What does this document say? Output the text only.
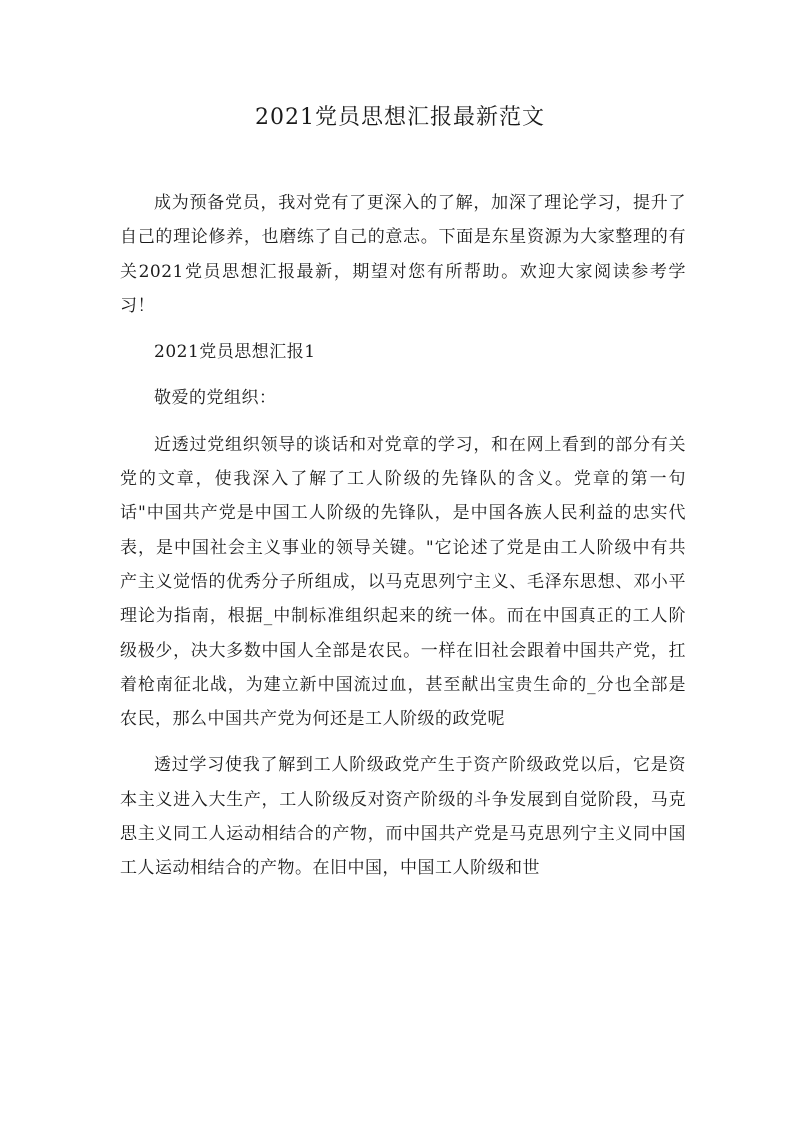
2021党员思想汇报最新范文

成为预备党员，我对党有了更深入的了解，加深了理论学习，提升了自己的理论修养，也磨练了自己的意志。下面是东星资源为大家整理的有关2021党员思想汇报最新，期望对您有所帮助。欢迎大家阅读参考学习！

2021党员思想汇报1

敬爱的党组织：

近透过党组织领导的谈话和对党章的学习，和在网上看到的部分有关党的文章，使我深入了解了工人阶级的先锋队的含义。党章的第一句话"中国共产党是中国工人阶级的先锋队，是中国各族人民利益的忠实代表，是中国社会主义事业的领导关键。"它论述了党是由工人阶级中有共产主义觉悟的优秀分子所组成，以马克思列宁主义、毛泽东思想、邓小平理论为指南，根据_中制标准组织起来的统一体。而在中国真正的工人阶级极少，决大多数中国人全部是农民。一样在旧社会跟着中国共产党，扛着枪南征北战，为建立新中国流过血，甚至献出宝贵生命的_分也全部是农民，那么中国共产党为何还是工人阶级的政党呢

透过学习使我了解到工人阶级政党产生于资产阶级政党以后，它是资本主义进入大生产，工人阶级反对资产阶级的斗争发展到自觉阶段，马克思主义同工人运动相结合的产物，而中国共产党是马克思列宁主义同中国工人运动相结合的产物。在旧中国，中国工人阶级和世
